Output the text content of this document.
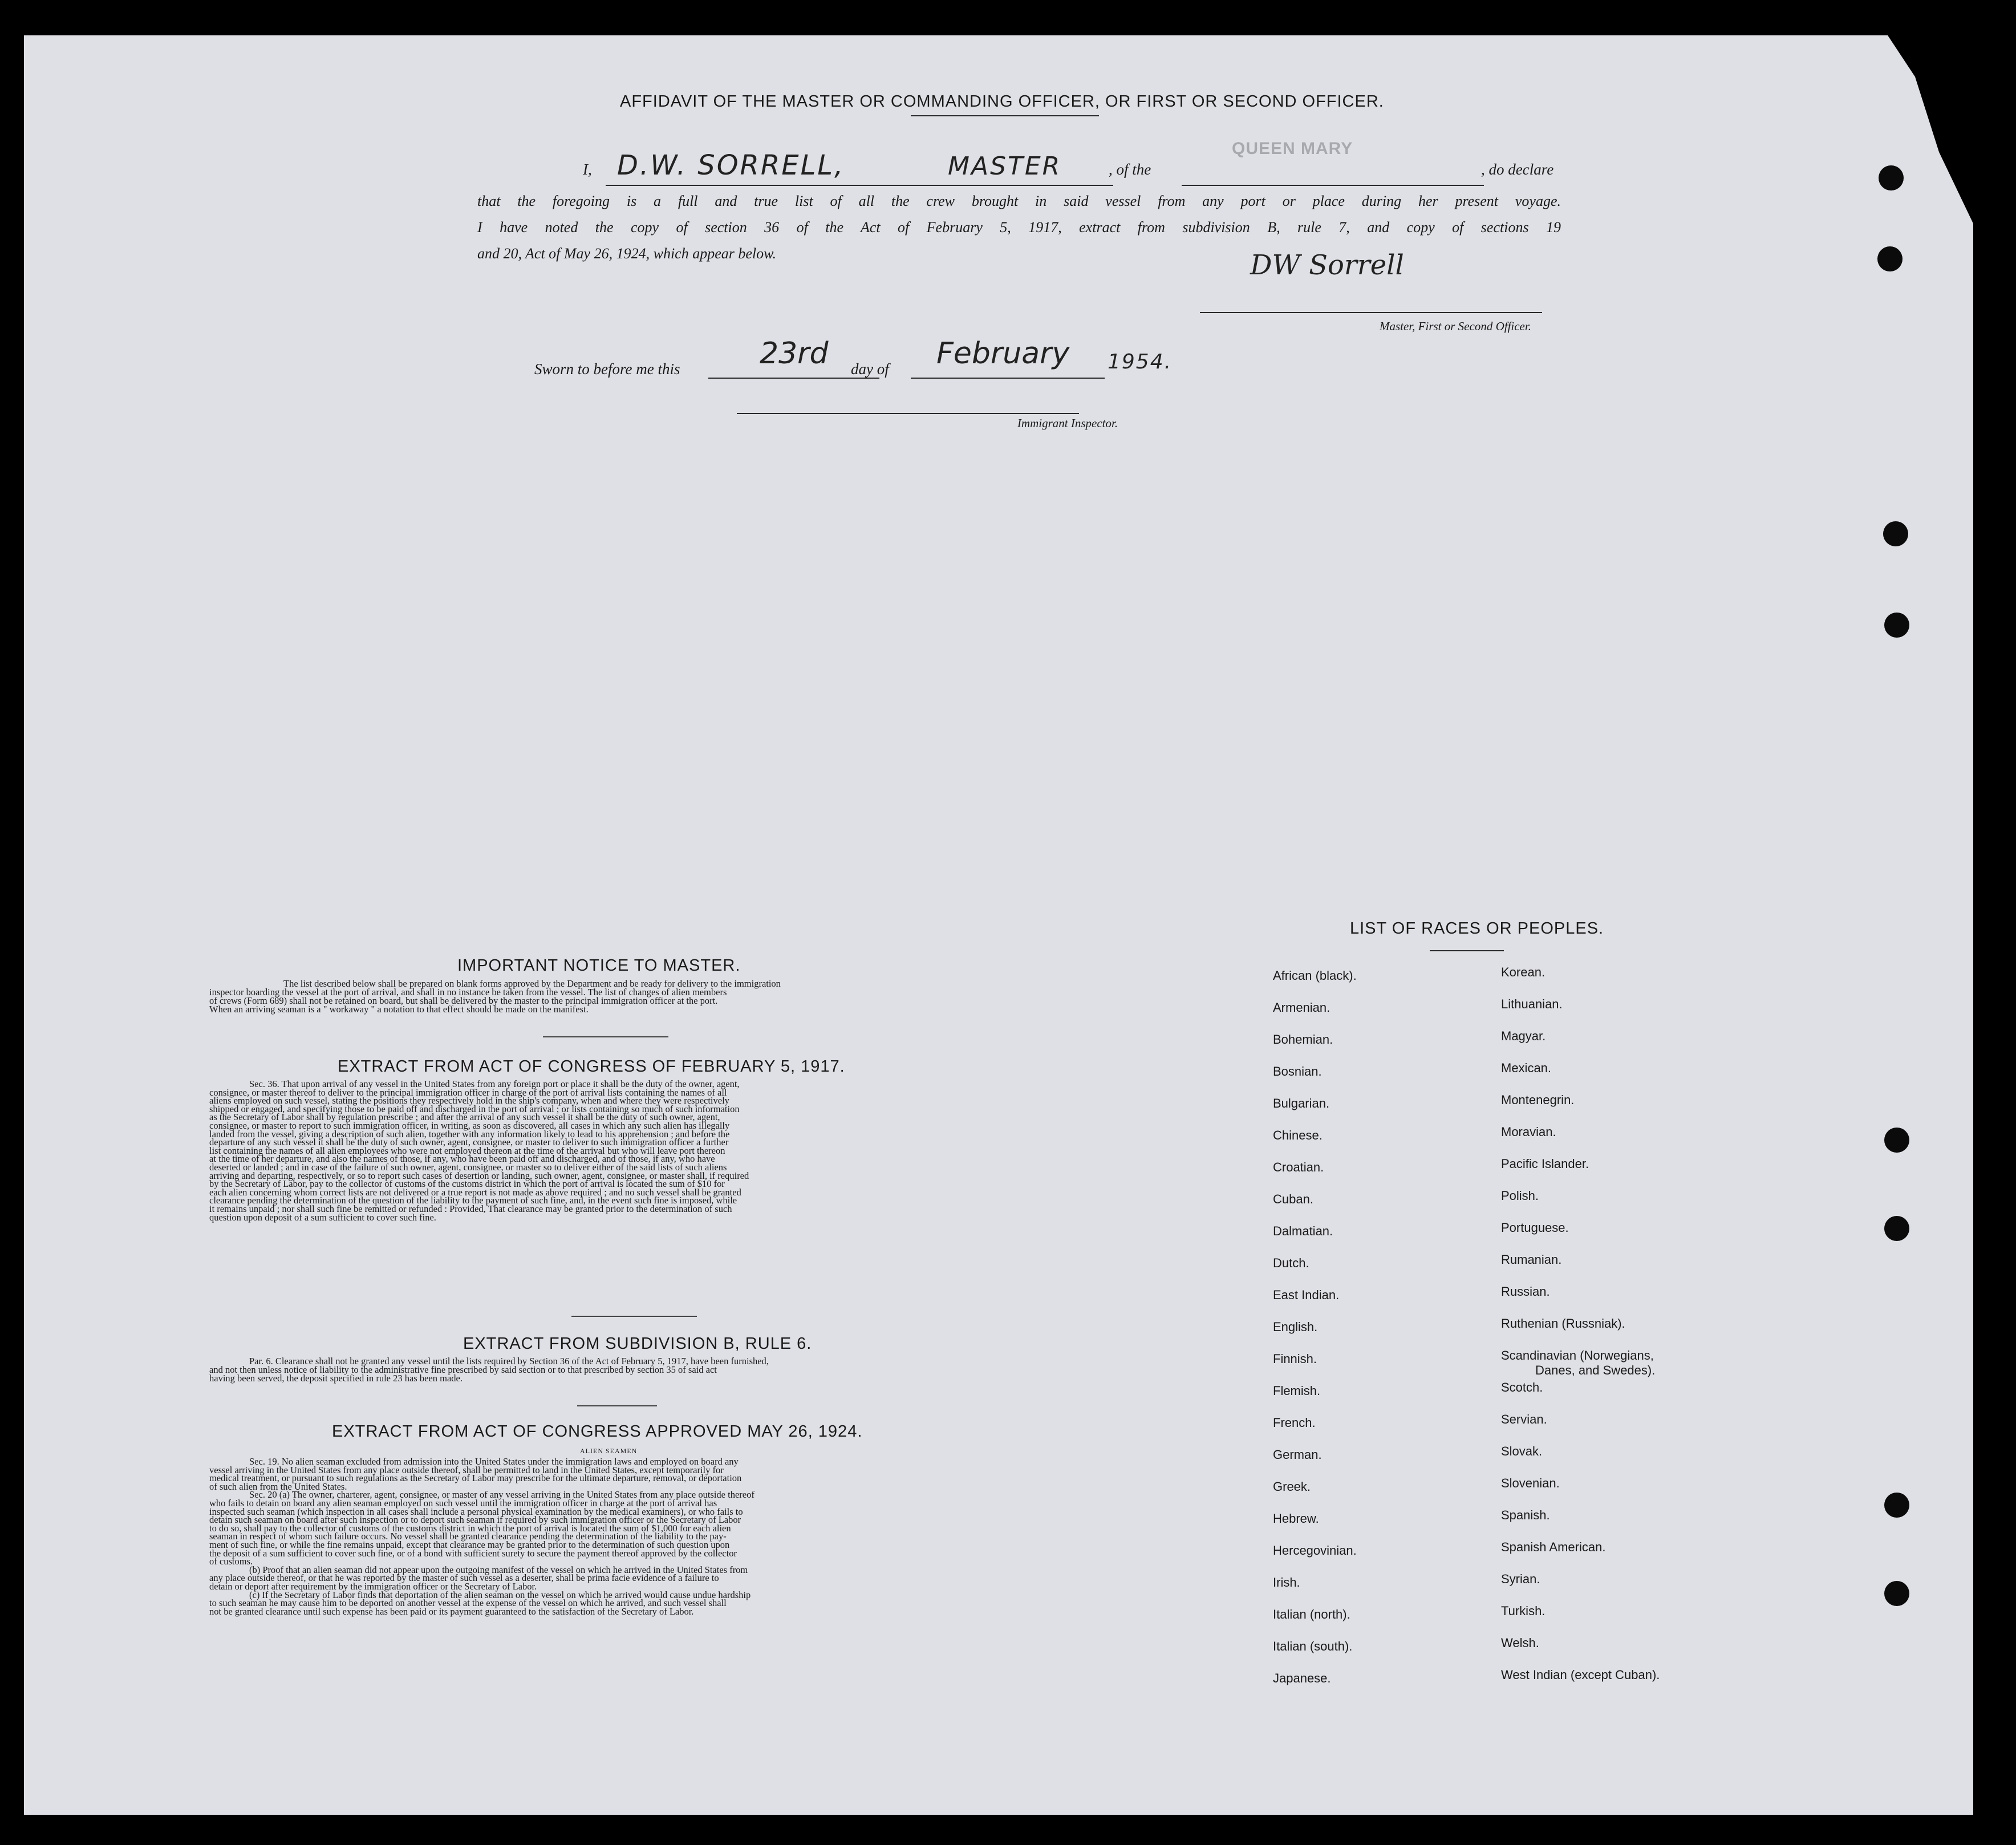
AFFIDAVIT OF THE MASTER OR COMMANDING OFFICER, OR FIRST OR SECOND OFFICER.
QUEEN MARY
I, D.W. SORRELL,	MASTER	, of the	, do declare
that the foregoing is a full and true list of all the crew brought in said vessel from any port or place during her present voyage.
I have noted the copy of section 36 of the Act of February 5, 1917, extract from subdivision B, rule 7, and copy of sections 19
and 20, Act of May 26, 1924, which appear below.	DW Sorrell
Master, First or Second Officer.
Sworn to before me this	23rd day of February 1954.
Immigrant Inspector.
IMPORTANT NOTICE TO MASTER.
The list described below shall be prepared on blank forms approved by the Department and be ready for delivery to the immigration
inspector boarding the vessel at the port of arrival, and shall in no instance be taken from the vessel. The list of changes of alien members
of crews (Form 689) shall not be retained on board, but shall be delivered by the master to the principal immigration officer at the port.
When an arriving seaman is a " workaway " a notation to that effect should be made on the manifest.
EXTRACT FROM ACT OF CONGRESS OF FEBRUARY 5, 1917.
Sec. 36. That upon arrival of any vessel in the United States from any foreign port or place it shall be the duty of the owner, agent,
consignee, or master thereof to deliver to the principal immigration officer in charge of the port of arrival lists containing the names of all
aliens employed on such vessel, stating the positions they respectively hold in the ship's company, when and where they were respectively
shipped or engaged, and specifying those to be paid off and discharged in the port of arrival ; or lists containing so much of such information
as the Secretary of Labor shall by regulation prescribe ; and after the arrival of any such vessel it shall be the duty of such owner, agent,
consignee, or master to report to such immigration officer, in writing, as soon as discovered, all cases in which any such alien has illegally
landed from the vessel, giving a description of such alien, together with any information likely to lead to his apprehension ; and before the
departure of any such vessel it shall be the duty of such owner, agent, consignee, or master to deliver to such immigration officer a further
list containing the names of all alien employees who were not employed thereon at the time of the arrival but who will leave port thereon
at the time of her departure, and also the names of those, if any, who have been paid off and discharged, and of those, if any, who have
deserted or landed ; and in case of the failure of such owner, agent, consignee, or master so to deliver either of the said lists of such aliens
arriving and departing, respectively, or so to report such cases of desertion or landing, such owner, agent, consignee, or master shall, if required
by the Secretary of Labor, pay to the collector of customs of the customs district in which the port of arrival is located the sum of $10 for
each alien concerning whom correct lists are not delivered or a true report is not made as above required ; and no such vessel shall be granted
clearance pending the determination of the question of the liability to the payment of such fine, and, in the event such fine is imposed, while
it remains unpaid ; nor shall such fine be remitted or refunded : Provided, That clearance may be granted prior to the determination of such
question upon deposit of a sum sufficient to cover such fine.
EXTRACT FROM SUBDIVISION B, RULE 6.
Par. 6. Clearance shall not be granted any vessel until the lists required by Section 36 of the Act of February 5, 1917, have been furnished,
and not then unless notice of liability to the administrative fine prescribed by said section or to that prescribed by section 35 of said act
having been served, the deposit specified in rule 23 has been made.
EXTRACT FROM ACT OF CONGRESS APPROVED MAY 26, 1924.
ALIEN SEAMEN
Sec. 19. No alien seaman excluded from admission into the United States under the immigration laws and employed on board any
vessel arriving in the United States from any place outside thereof, shall be permitted to land in the United States, except temporarily for
medical treatment, or pursuant to such regulations as the Secretary of Labor may prescribe for the ultimate departure, removal, or deportation
of such alien from the United States.
Sec. 20 (a) The owner, charterer, agent, consignee, or master of any vessel arriving in the United States from any place outside thereof
who fails to detain on board any alien seaman employed on such vessel until the immigration officer in charge at the port of arrival has
inspected such seaman (which inspection in all cases shall include a personal physical examination by the medical examiners), or who fails to
detain such seaman on board after such inspection or to deport such seaman if required by such immigration officer or the Secretary of Labor
to do so, shall pay to the collector of customs of the customs district in which the port of arrival is located the sum of $1,000 for each alien
seaman in respect of whom such failure occurs. No vessel shall be granted clearance pending the determination of the liability to the pay-
ment of such fine, or while the fine remains unpaid, except that clearance may be granted prior to the determination of such question upon
the deposit of a sum sufficient to cover such fine, or of a bond with sufficient surety to secure the payment thereof approved by the collector
of customs.
(b) Proof that an alien seaman did not appear upon the outgoing manifest of the vessel on which he arrived in the United States from
any place outside thereof, or that he was reported by the master of such vessel as a deserter, shall be prima facie evidence of a failure to
detain or deport after requirement by the immigration officer or the Secretary of Labor.
(c) If the Secretary of Labor finds that deportation of the alien seaman on the vessel on which he arrived would cause undue hardship
to such seaman he may cause him to be deported on another vessel at the expense of the vessel on which he arrived, and such vessel shall
not be granted clearance until such expense has been paid or its payment guaranteed to the satisfaction of the Secretary of Labor.
LIST OF RACES OR PEOPLES.
African (black).
Armenian.
Bohemian.
Bosnian.
Bulgarian.
Chinese.
Croatian.
Cuban.
Dalmatian.
Dutch.
East Indian.
English.
Finnish.
Flemish.
French.
German.
Greek.
Hebrew.
Hercegovinian.
Irish.
Italian (north).
Italian (south).
Japanese.
Korean.
Lithuanian.
Magyar.
Mexican.
Montenegrin.
Moravian.
Pacific Islander.
Polish.
Portuguese.
Rumanian.
Russian.
Ruthenian (Russniak).
Scandinavian (Norwegians,
Danes, and Swedes).
Scotch.
Servian.
Slovak.
Slovenian.
Spanish.
Spanish American.
Syrian.
Turkish.
Welsh.
West Indian (except Cuban).
